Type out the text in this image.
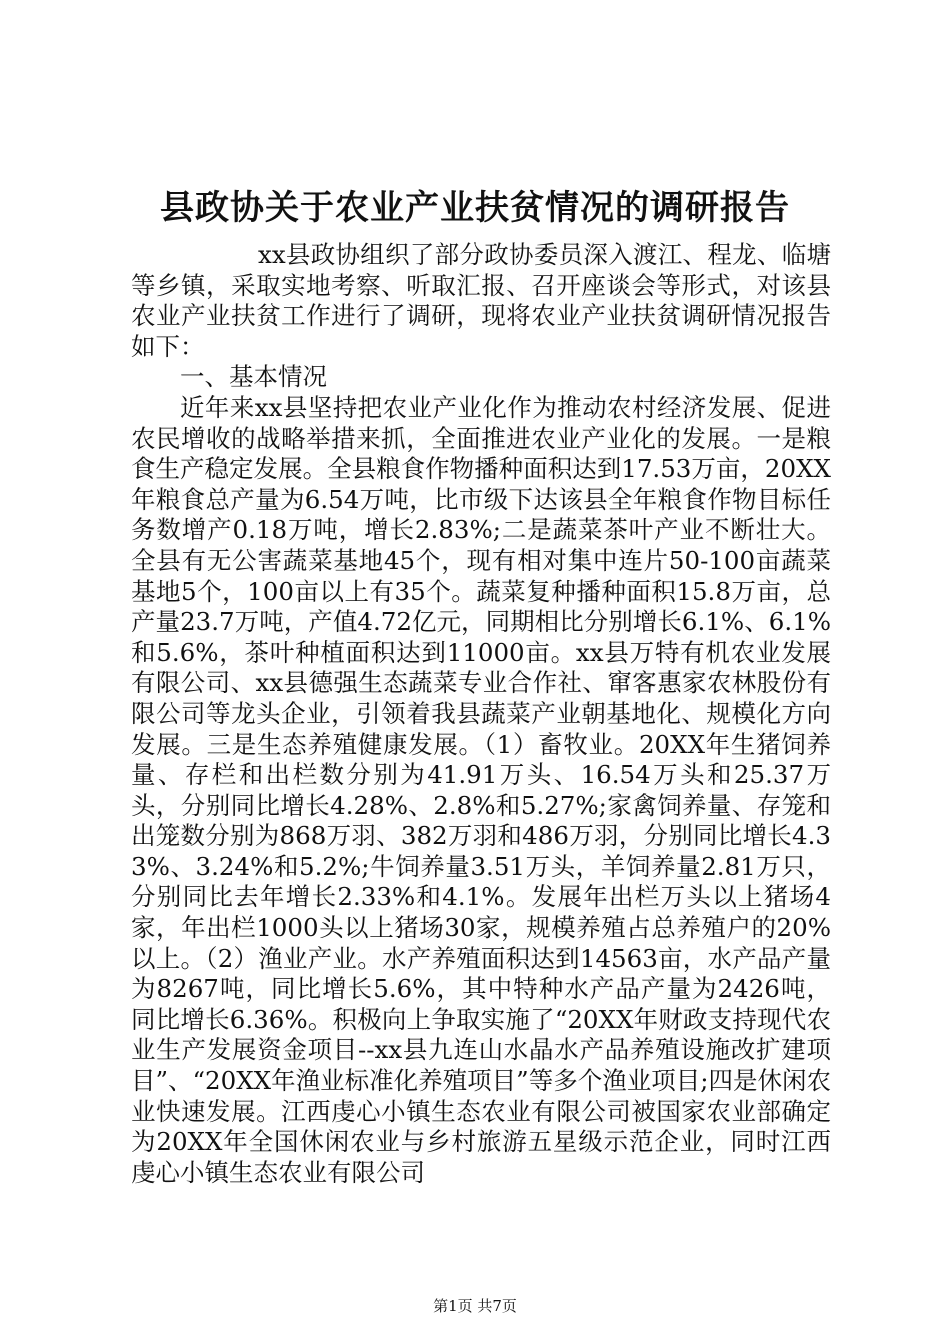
县政协关于农业产业扶贫情况的调研报告

xx县政协组织了部分政协委员深入渡江、程龙、临塘等乡镇，采取实地考察、听取汇报、召开座谈会等形式，对该县农业产业扶贫工作进行了调研，现将农业产业扶贫调研情况报告如下：

一、基本情况

近年来xx县坚持把农业产业化作为推动农村经济发展、促进农民增收的战略举措来抓，全面推进农业产业化的发展。一是粮食生产稳定发展。全县粮食作物播种面积达到17.53万亩，20XX年粮食总产量为6.54万吨，比市级下达该县全年粮食作物目标任务数增产0.18万吨，增长2.83%;二是蔬菜茶叶产业不断壮大。全县有无公害蔬菜基地45个，现有相对集中连片50-100亩蔬菜基地5个，100亩以上有35个。蔬菜复种播种面积15.8万亩，总产量23.7万吨，产值4.72亿元，同期相比分别增长6.1%、6.1%和5.6%，茶叶种植面积达到11000亩。xx县万特有机农业发展有限公司、xx县德强生态蔬菜专业合作社、窜客惠家农林股份有限公司等龙头企业，引领着我县蔬菜产业朝基地化、规模化方向发展。三是生态养殖健康发展。（1）畜牧业。20XX年生猪饲养量、存栏和出栏数分别为41.91万头、16.54万头和25.37万头，分别同比增长4.28%、2.8%和5.27%;家禽饲养量、存笼和出笼数分别为868万羽、382万羽和486万羽，分别同比增长4.33%、3.24%和5.2%;牛饲养量3.51万头，羊饲养量2.81万只，分别同比去年增长2.33%和4.1%。发展年出栏万头以上猪场4家，年出栏1000头以上猪场30家，规模养殖占总养殖户的20%以上。（2）渔业产业。水产养殖面积达到14563亩，水产品产量为8267吨，同比增长5.6%，其中特种水产品产量为2426吨，同比增长6.36%。积极向上争取实施了“20XX年财政支持现代农业生产发展资金项目--xx县九连山水晶水产品养殖设施改扩建项目”、“20XX年渔业标准化养殖项目”等多个渔业项目;四是休闲农业快速发展。江西虔心小镇生态农业有限公司被国家农业部确定为20XX年全国休闲农业与乡村旅游五星级示范企业，同时江西虔心小镇生态农业有限公司

第1页 共7页
